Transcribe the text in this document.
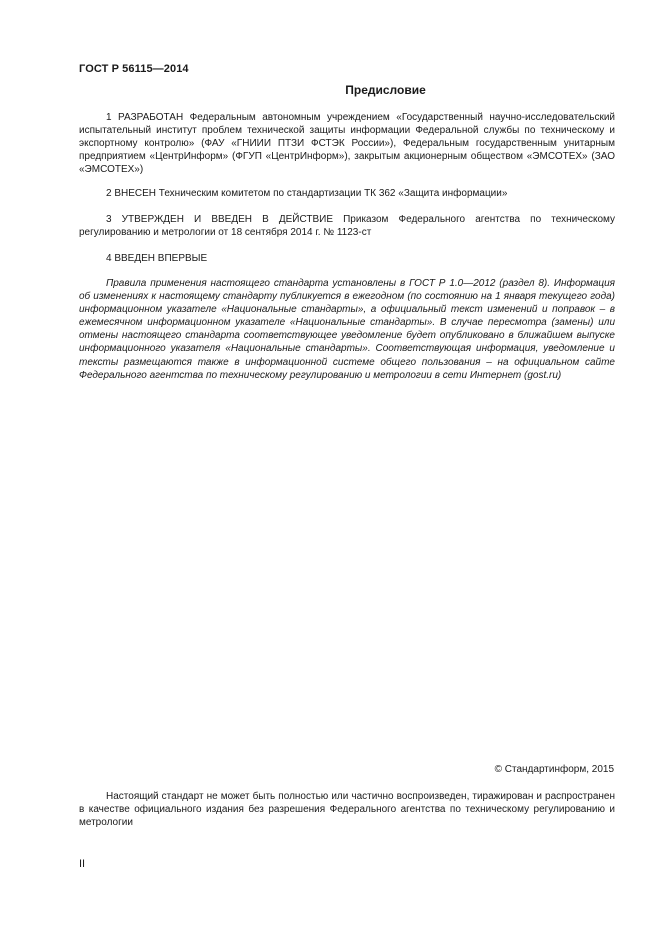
ГОСТ Р 56115—2014
Предисловие

1 РАЗРАБОТАН Федеральным автономным учреждением «Государственный научно-исследовательский испытательный институт проблем технической защиты информации Федеральной службы по техническому и экспортному контролю» (ФАУ «ГНИИИ ПТЗИ ФСТЭК России»), Федеральным государственным унитарным предприятием «ЦентрИнформ» (ФГУП «ЦентрИнформ»), закрытым акционерным обществом «ЭМСОТЕХ» (ЗАО «ЭМСОТЕХ»)

2 ВНЕСЕН Техническим комитетом по стандартизации ТК 362 «Защита информации»

3 УТВЕРЖДЕН И ВВЕДЕН В ДЕЙСТВИЕ Приказом Федерального агентства по техническому регулированию и метрологии от 18 сентября 2014 г. № 1123-ст

4 ВВЕДЕН ВПЕРВЫЕ

Правила применения настоящего стандарта установлены в ГОСТ Р 1.0—2012 (раздел 8). Информация об изменениях к настоящему стандарту публикуется в ежегодном (по состоянию на 1 января текущего года) информационном указателе «Национальные стандарты», а официальный текст изменений и поправок – в ежемесячном информационном указателе «Национальные стандарты». В случае пересмотра (замены) или отмены настоящего стандарта соответствующее уведомление будет опубликовано в ближайшем выпуске информационного указателя «Национальные стандарты». Соответствующая информация, уведомление и тексты размещаются также в информационной системе общего пользования – на официальном сайте Федерального агентства по техническому регулированию и метрологии в сети Интернет (gost.ru)

© Стандартинформ, 2015

Настоящий стандарт не может быть полностью или частично воспроизведен, тиражирован и распространен в качестве официального издания без разрешения Федерального агентства по техническому регулированию и метрологии

II
